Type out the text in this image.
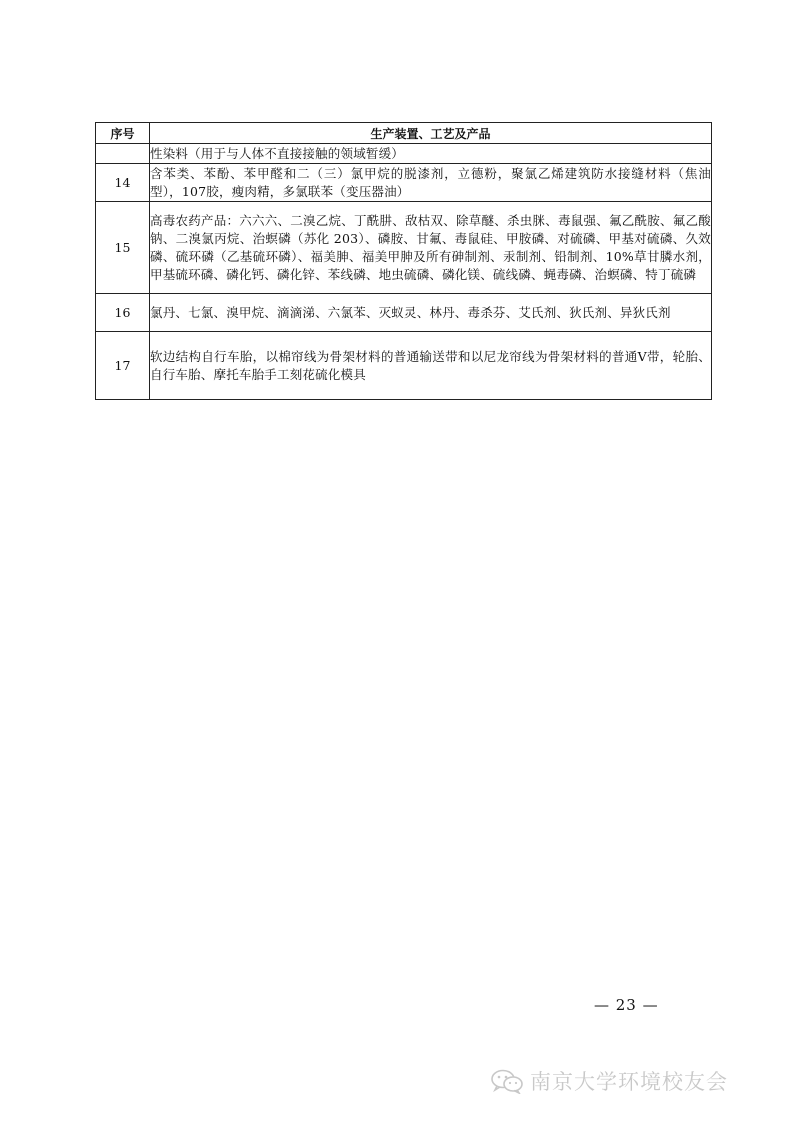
序号	生产装置、工艺及产品
	性染料（用于与人体不直接接触的领域暂缓）
14	含苯类、苯酚、苯甲醛和二（三）氯甲烷的脱漆剂，立德粉，聚氯乙烯建筑防水接缝材料（焦油型），107胶，瘦肉精，多氯联苯（变压器油）
15	高毒农药产品：六六六、二溴乙烷、丁酰肼、敌枯双、除草醚、杀虫脒、毒鼠强、氟乙酰胺、氟乙酸钠、二溴氯丙烷、治螟磷（苏化 203）、磷胺、甘氟、毒鼠硅、甲胺磷、对硫磷、甲基对硫磷、久效磷、硫环磷（乙基硫环磷）、福美胂、福美甲胂及所有砷制剂、汞制剂、铅制剂、10%草甘膦水剂，甲基硫环磷、磷化钙、磷化锌、苯线磷、地虫硫磷、磷化镁、硫线磷、蝇毒磷、治螟磷、特丁硫磷
16	氯丹、七氯、溴甲烷、滴滴涕、六氯苯、灭蚁灵、林丹、毒杀芬、艾氏剂、狄氏剂、异狄氏剂
17	软边结构自行车胎，以棉帘线为骨架材料的普通输送带和以尼龙帘线为骨架材料的普通V带，轮胎、自行车胎、摩托车胎手工刻花硫化模具
— 23 —
南京大学环境校友会
